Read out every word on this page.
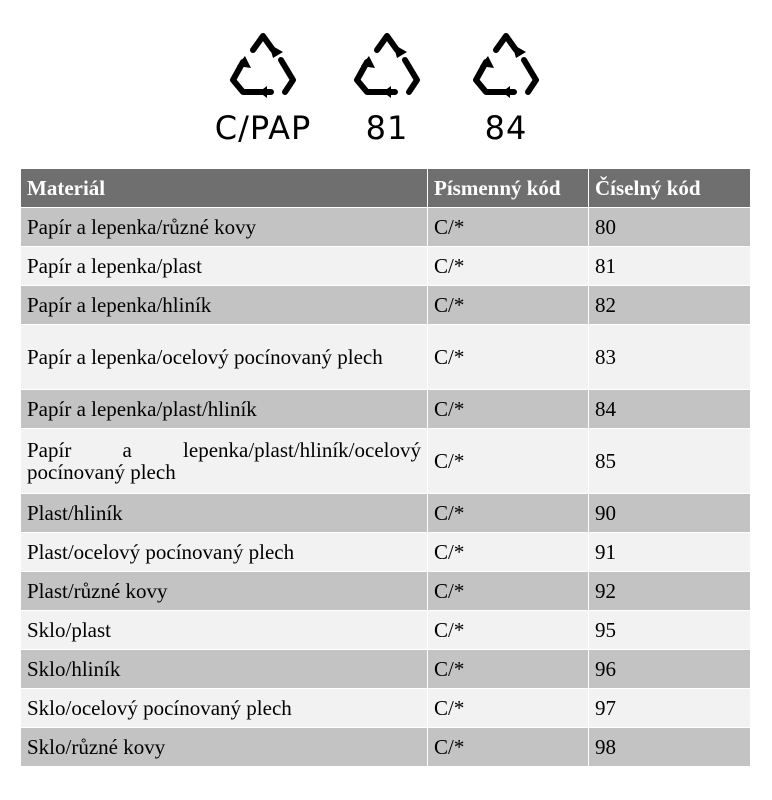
C/PAP	81	84
Materiál	Písmenný kód	Číselný kód
Papír a lepenka/různé kovy	C/*	80
Papír a lepenka/plast	C/*	81
Papír a lepenka/hliník	C/*	82
Papír a lepenka/ocelový pocínovaný plech	C/*	83
Papír a lepenka/plast/hliník	C/*	84
Papír a lepenka/plast/hliník/ocelový pocínovaný plech	C/*	85
Plast/hliník	C/*	90
Plast/ocelový pocínovaný plech	C/*	91
Plast/různé kovy	C/*	92
Sklo/plast	C/*	95
Sklo/hliník	C/*	96
Sklo/ocelový pocínovaný plech	C/*	97
Sklo/různé kovy	C/*	98
